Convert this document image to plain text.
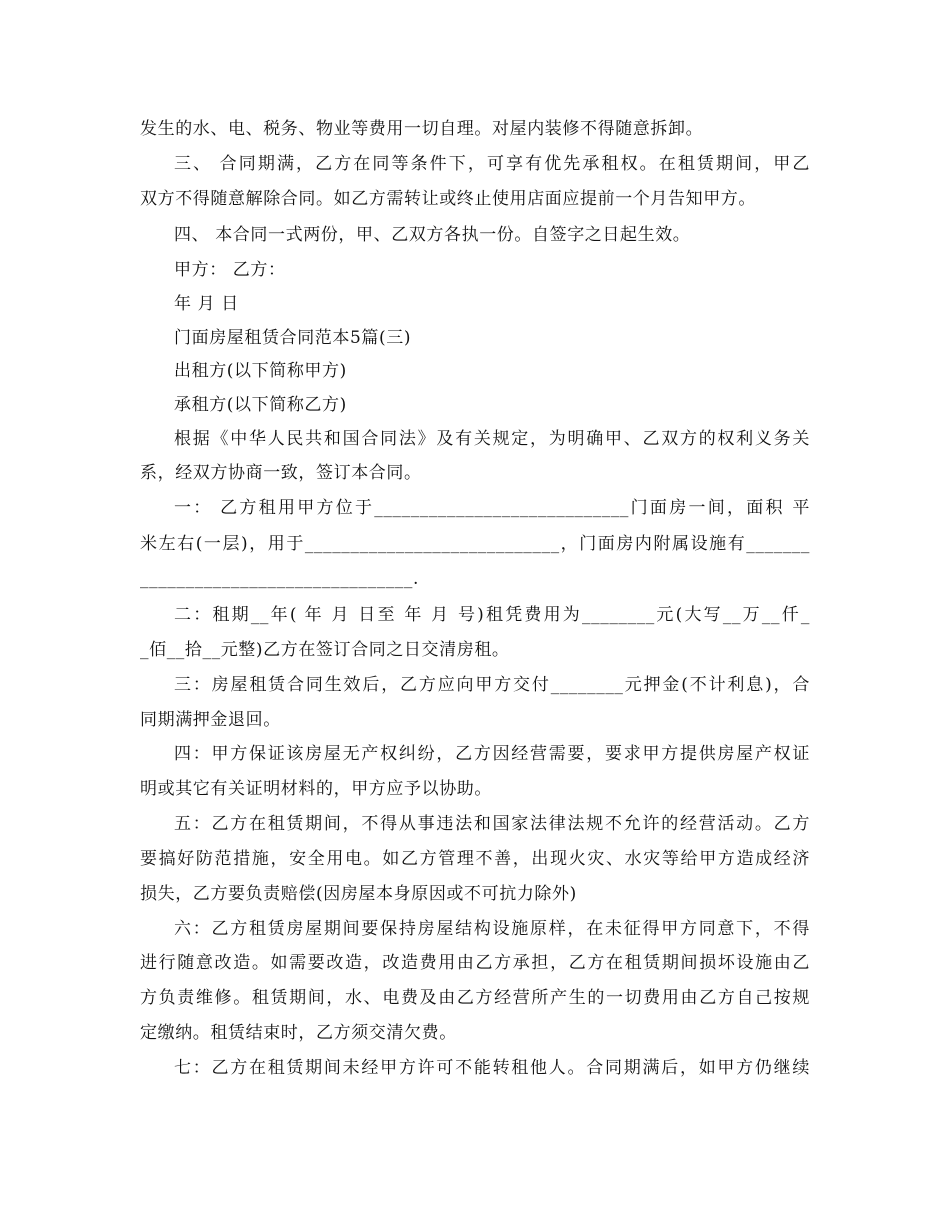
发生的水、电、税务、物业等费用一切自理。对屋内装修不得随意拆卸。
三、 合同期满，乙方在同等条件下，可享有优先承租权。在租赁期间，甲乙
双方不得随意解除合同。如乙方需转让或终止使用店面应提前一个月告知甲方。
四、 本合同一式两份，甲、乙双方各执一份。自签字之日起生效。
甲方： 乙方：
年 月 日
门面房屋租赁合同范本5篇(三)
出租方(以下简称甲方)
承租方(以下简称乙方)
根据《中华人民共和国合同法》及有关规定，为明确甲、乙双方的权利义务关
系，经双方协商一致，签订本合同。
一： 乙方租用甲方位于____________________________门面房一间，面积 平
米左右(一层)，用于____________________________，门面房内附属设施有_______
______________________________.
二：租期__年( 年 月 日至 年 月 号)租凭费用为________元(大写__万__仟_
_佰__拾__元整)乙方在签订合同之日交清房租。
三：房屋租赁合同生效后，乙方应向甲方交付________元押金(不计利息)，合
同期满押金退回。
四：甲方保证该房屋无产权纠纷，乙方因经营需要，要求甲方提供房屋产权证
明或其它有关证明材料的，甲方应予以协助。
五：乙方在租赁期间，不得从事违法和国家法律法规不允许的经营活动。乙方
要搞好防范措施，安全用电。如乙方管理不善，出现火灾、水灾等给甲方造成经济
损失，乙方要负责赔偿(因房屋本身原因或不可抗力除外)
六：乙方租赁房屋期间要保持房屋结构设施原样，在未征得甲方同意下，不得
进行随意改造。如需要改造，改造费用由乙方承担，乙方在租赁期间损坏设施由乙
方负责维修。租赁期间，水、电费及由乙方经营所产生的一切费用由乙方自己按规
定缴纳。租赁结束时，乙方须交清欠费。
七：乙方在租赁期间未经甲方许可不能转租他人。合同期满后，如甲方仍继续
